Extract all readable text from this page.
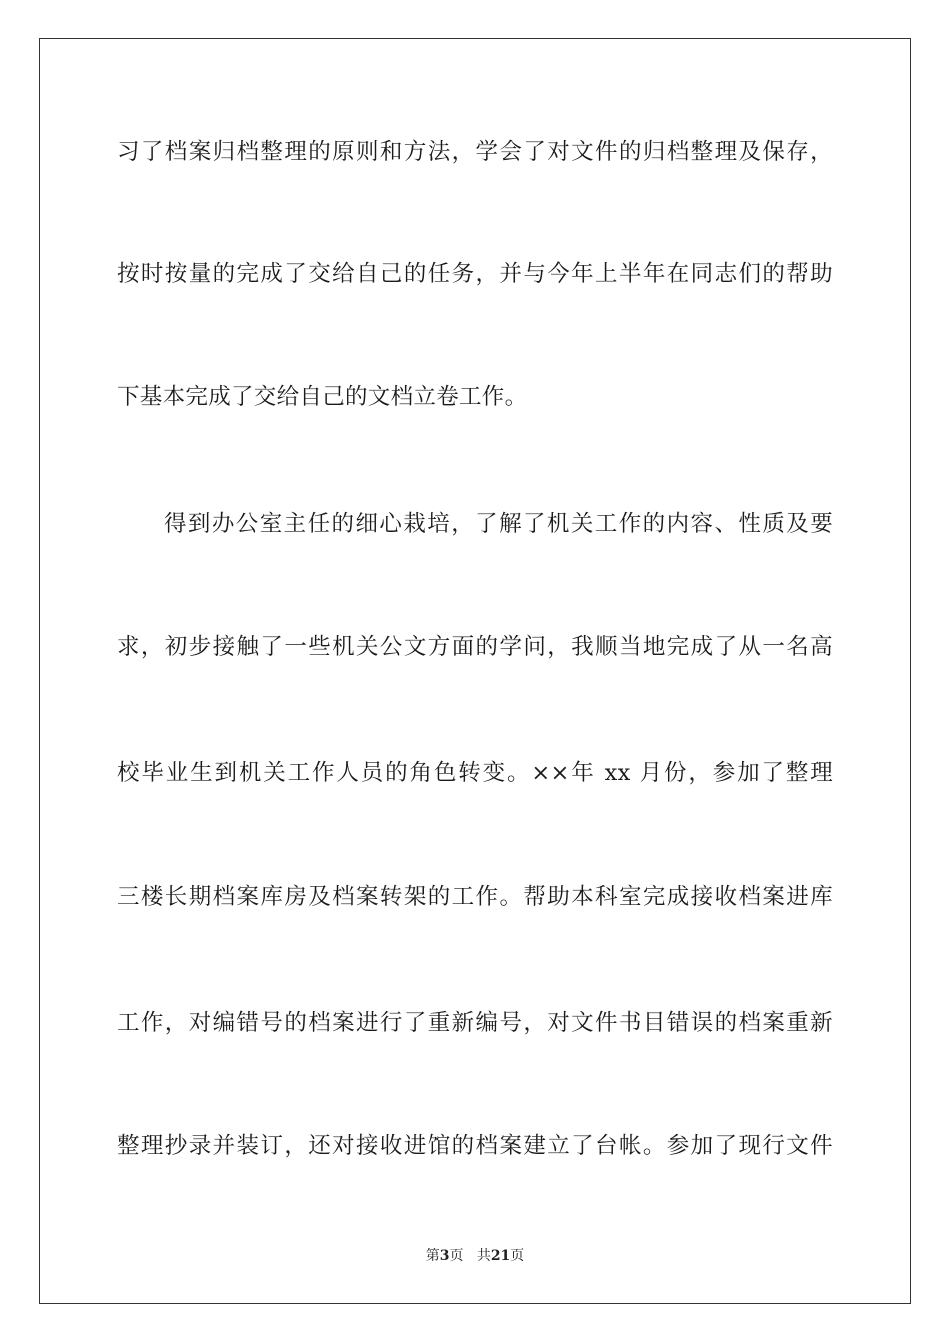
习了档案归档整理的原则和方法，学会了对文件的归档整理及保存，
按时按量的完成了交给自己的任务，并与今年上半年在同志们的帮助
下基本完成了交给自己的文档立卷工作。
得到办公室主任的细心栽培，了解了机关工作的内容、性质及要
求，初步接触了一些机关公文方面的学问，我顺当地完成了从一名高
校毕业生到机关工作人员的角色转变。××年 xx 月份，参加了整理
三楼长期档案库房及档案转架的工作。帮助本科室完成接收档案进库
工作，对编错号的档案进行了重新编号，对文件书目错误的档案重新
整理抄录并装订，还对接收进馆的档案建立了台帐。参加了现行文件
第3页 共21页
